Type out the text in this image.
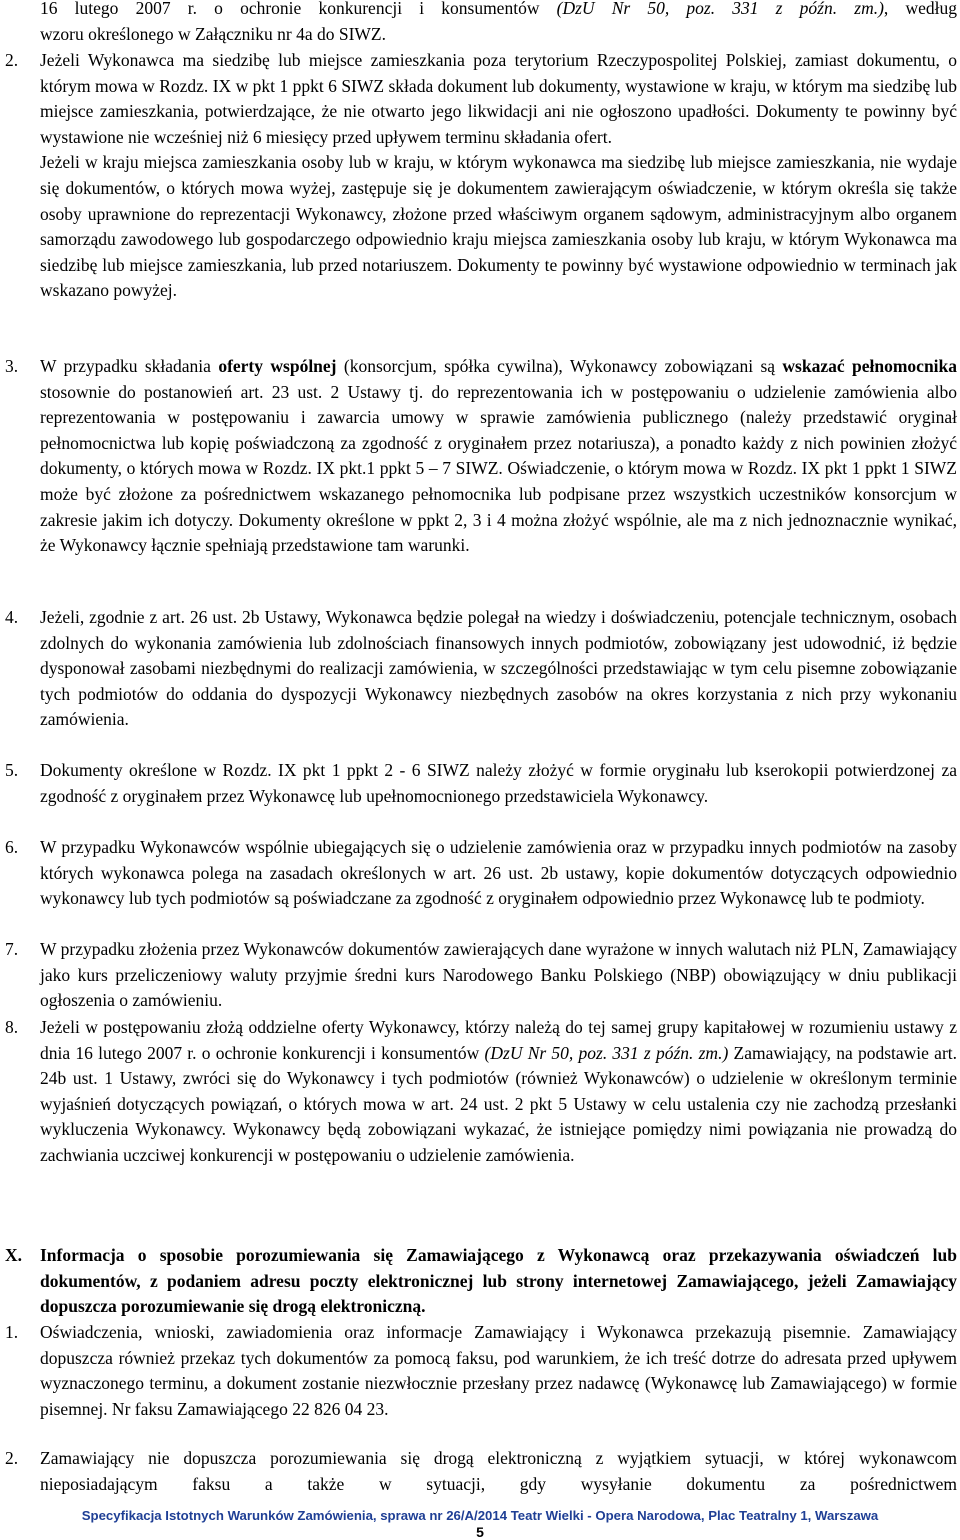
16 lutego 2007 r. o ochronie konkurencji i konsumentów (DzU Nr 50, poz. 331 z późn. zm.), według

wzoru określonego w Załączniku nr 4a do SIWZ.

2. Jeżeli Wykonawca ma siedzibę lub miejsce zamieszkania poza terytorium Rzeczypospolitej Polskiej, zamiast dokumentu, o którym mowa w Rozdz. IX w pkt 1 ppkt 6 SIWZ składa dokument lub dokumenty, wystawione w kraju, w którym ma siedzibę lub miejsce zamieszkania, potwierdzające, że nie otwarto jego likwidacji ani nie ogłoszono upadłości. Dokumenty te powinny być wystawione nie wcześniej niż 6 miesięcy przed upływem terminu składania ofert.

Jeżeli w kraju miejsca zamieszkania osoby lub w kraju, w którym wykonawca ma siedzibę lub miejsce zamieszkania, nie wydaje się dokumentów, o których mowa wyżej, zastępuje się je dokumentem zawierającym oświadczenie, w którym określa się także osoby uprawnione do reprezentacji Wykonawcy, złożone przed właściwym organem sądowym, administracyjnym albo organem samorządu zawodowego lub gospodarczego odpowiednio kraju miejsca zamieszkania osoby lub kraju, w którym Wykonawca ma siedzibę lub miejsce zamieszkania, lub przed notariuszem. Dokumenty te powinny być wystawione odpowiednio w terminach jak wskazano powyżej.

3. W przypadku składania oferty wspólnej (konsorcjum, spółka cywilna), Wykonawcy zobowiązani są wskazać pełnomocnika stosownie do postanowień art. 23 ust. 2 Ustawy tj. do reprezentowania ich w postępowaniu o udzielenie zamówienia albo reprezentowania w postępowaniu i zawarcia umowy w sprawie zamówienia publicznego (należy przedstawić oryginał pełnomocnictwa lub kopię poświadczoną za zgodność z oryginałem przez notariusza), a ponadto każdy z nich powinien złożyć dokumenty, o których mowa w Rozdz. IX pkt.1 ppkt 5 – 7 SIWZ. Oświadczenie, o którym mowa w Rozdz. IX pkt 1 ppkt 1 SIWZ może być złożone za pośrednictwem wskazanego pełnomocnika lub podpisane przez wszystkich uczestników konsorcjum w zakresie jakim ich dotyczy. Dokumenty określone w ppkt 2, 3 i 4 można złożyć wspólnie, ale ma z nich jednoznacznie wynikać, że Wykonawcy łącznie spełniają przedstawione tam warunki.

4. Jeżeli, zgodnie z art. 26 ust. 2b Ustawy, Wykonawca będzie polegał na wiedzy i doświadczeniu, potencjale technicznym, osobach zdolnych do wykonania zamówienia lub zdolnościach finansowych innych podmiotów, zobowiązany jest udowodnić, iż będzie dysponował zasobami niezbędnymi do realizacji zamówienia, w szczególności przedstawiając w tym celu pisemne zobowiązanie tych podmiotów do oddania do dyspozycji Wykonawcy niezbędnych zasobów na okres korzystania z nich przy wykonaniu zamówienia.

5. Dokumenty określone w Rozdz. IX pkt 1 ppkt 2 - 6 SIWZ należy złożyć w formie oryginału lub kserokopii potwierdzonej za zgodność z oryginałem przez Wykonawcę lub upełnomocnionego przedstawiciela Wykonawcy.

6. W przypadku Wykonawców wspólnie ubiegających się o udzielenie zamówienia oraz w przypadku innych podmiotów na zasoby których wykonawca polega na zasadach określonych w art. 26 ust. 2b ustawy, kopie dokumentów dotyczących odpowiednio wykonawcy lub tych podmiotów są poświadczane za zgodność z oryginałem odpowiednio przez Wykonawcę lub te podmioty.

7. W przypadku złożenia przez Wykonawców dokumentów zawierających dane wyrażone w innych walutach niż PLN, Zamawiający jako kurs przeliczeniowy waluty przyjmie średni kurs Narodowego Banku Polskiego (NBP) obowiązujący w dniu publikacji ogłoszenia o zamówieniu.

8. Jeżeli w postępowaniu złożą oddzielne oferty Wykonawcy, którzy należą do tej samej grupy kapitałowej w rozumieniu ustawy z dnia 16 lutego 2007 r. o ochronie konkurencji i konsumentów (DzU Nr 50, poz. 331 z późn. zm.) Zamawiający, na podstawie art. 24b ust. 1 Ustawy, zwróci się do Wykonawcy i tych podmiotów (również Wykonawców) o udzielenie w określonym terminie wyjaśnień dotyczących powiązań, o których mowa w art. 24 ust. 2 pkt 5 Ustawy w celu ustalenia czy nie zachodzą przesłanki wykluczenia Wykonawcy. Wykonawcy będą zobowiązani wykazać, że istniejące pomiędzy nimi powiązania nie prowadzą do zachwiania uczciwej konkurencji w postępowaniu o udzielenie zamówienia.

X. Informacja o sposobie porozumiewania się Zamawiającego z Wykonawcą oraz przekazywania oświadczeń lub dokumentów, z podaniem adresu poczty elektronicznej lub strony internetowej Zamawiającego, jeżeli Zamawiający dopuszcza porozumiewanie się drogą elektroniczną.

1. Oświadczenia, wnioski, zawiadomienia oraz informacje Zamawiający i Wykonawca przekazują pisemnie. Zamawiający dopuszcza również przekaz tych dokumentów za pomocą faksu, pod warunkiem, że ich treść dotrze do adresata przed upływem wyznaczonego terminu, a dokument zostanie niezwłocznie przesłany przez nadawcę (Wykonawcę lub Zamawiającego) w formie pisemnej. Nr faksu Zamawiającego 22 826 04 23.

2. Zamawiający nie dopuszcza porozumiewania się drogą elektroniczną z wyjątkiem sytuacji, w której wykonawcom nieposiadającym faksu a także w sytuacji, gdy wysyłanie dokumentu za pośrednictwem

Specyfikacja Istotnych Warunków Zamówienia, sprawa nr 26/A/2014 Teatr Wielki - Opera Narodowa, Plac Teatralny 1, Warszawa
5
